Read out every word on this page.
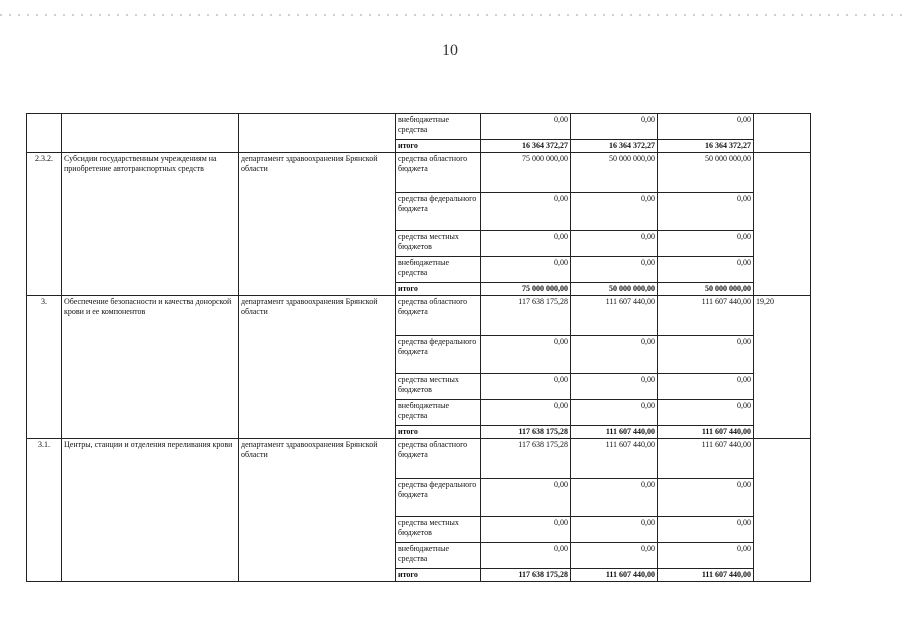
10
			внебюджетные средства	0,00	0,00	0,00	
			итого	16 364 372,27	16 364 372,27	16 364 372,27	
2.3.2.	Субсидии государственным учреждениям на приобретение автотранспортных средств	департамент здравоохранения Брянской области	средства областного бюджета	75 000 000,00	50 000 000,00	50 000 000,00	
			средства федерального бюджета	0,00	0,00	0,00	
			средства местных бюджетов	0,00	0,00	0,00	
			внебюджетные средства	0,00	0,00	0,00	
			итого	75 000 000,00	50 000 000,00	50 000 000,00	
3.	Обеспечение безопасности и качества донорской крови и ее компонентов	департамент здравоохранения Брянской области	средства областного бюджета	117 638 175,28	111 607 440,00	111 607 440,00	19,20
			средства федерального бюджета	0,00	0,00	0,00	
			средства местных бюджетов	0,00	0,00	0,00	
			внебюджетные средства	0,00	0,00	0,00	
			итого	117 638 175,28	111 607 440,00	111 607 440,00	
3.1.	Центры, станции и отделения переливания крови	департамент здравоохранения Брянской области	средства областного бюджета	117 638 175,28	111 607 440,00	111 607 440,00	
			средства федерального бюджета	0,00	0,00	0,00	
			средства местных бюджетов	0,00	0,00	0,00	
			внебюджетные средства	0,00	0,00	0,00	
			итого	117 638 175,28	111 607 440,00	111 607 440,00	
